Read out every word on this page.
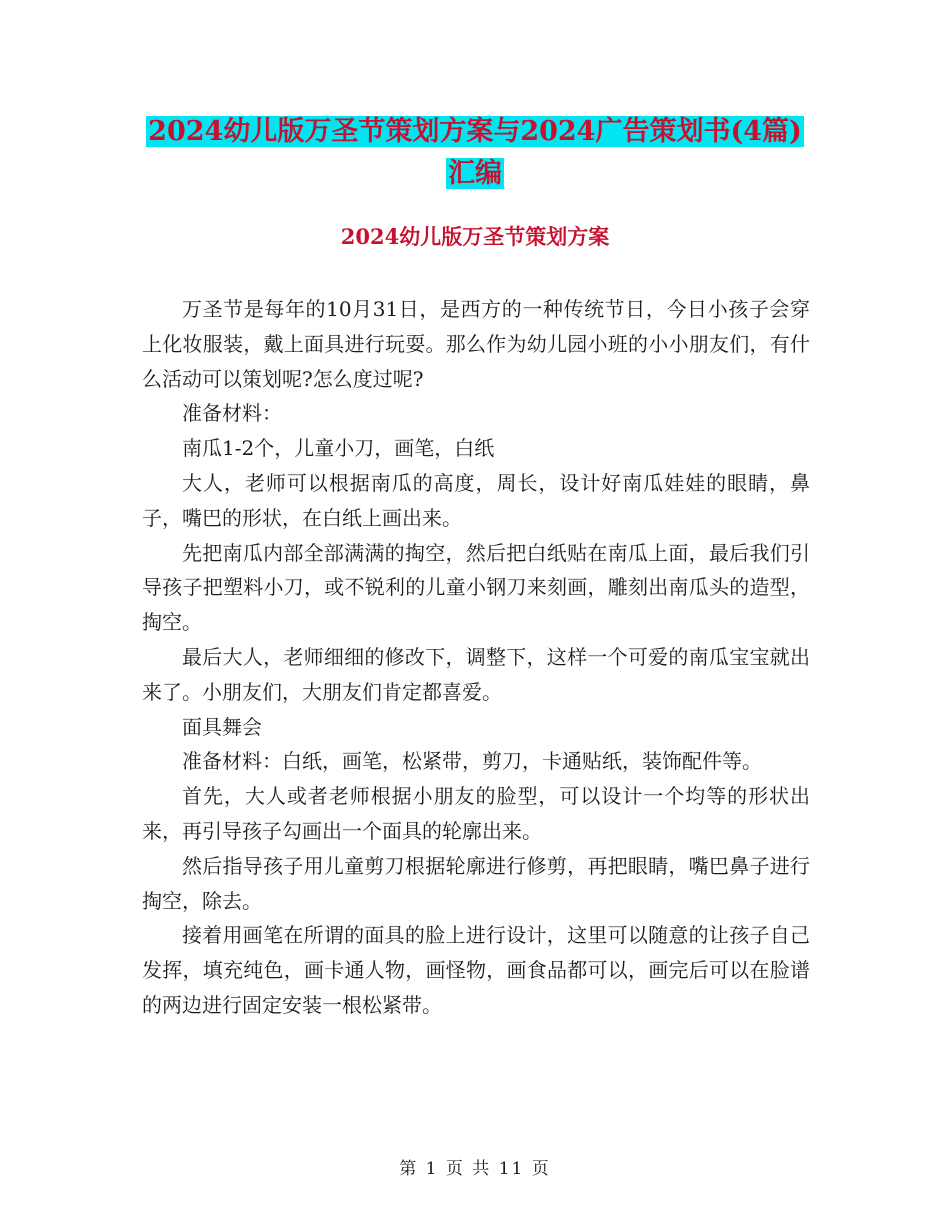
2024幼儿版万圣节策划方案与2024广告策划书(4篇)
汇编
2024幼儿版万圣节策划方案

万圣节是每年的10月31日，是西方的一种传统节日，今日小孩子会穿上化妆服装，戴上面具进行玩耍。那么作为幼儿园小班的小小朋友们，有什么活动可以策划呢?怎么度过呢?

准备材料：

南瓜1-2个，儿童小刀，画笔，白纸

大人，老师可以根据南瓜的高度，周长，设计好南瓜娃娃的眼睛，鼻子，嘴巴的形状，在白纸上画出来。

先把南瓜内部全部满满的掏空，然后把白纸贴在南瓜上面，最后我们引导孩子把塑料小刀，或不锐利的儿童小钢刀来刻画，雕刻出南瓜头的造型，掏空。

最后大人，老师细细的修改下，调整下，这样一个可爱的南瓜宝宝就出来了。小朋友们，大朋友们肯定都喜爱。

面具舞会

准备材料：白纸，画笔，松紧带，剪刀，卡通贴纸，装饰配件等。

首先，大人或者老师根据小朋友的脸型，可以设计一个均等的形状出来，再引导孩子勾画出一个面具的轮廓出来。

然后指导孩子用儿童剪刀根据轮廓进行修剪，再把眼睛，嘴巴鼻子进行掏空，除去。

接着用画笔在所谓的面具的脸上进行设计，这里可以随意的让孩子自己发挥，填充纯色，画卡通人物，画怪物，画食品都可以，画完后可以在脸谱的两边进行固定安装一根松紧带。

第 1 页 共 11 页
